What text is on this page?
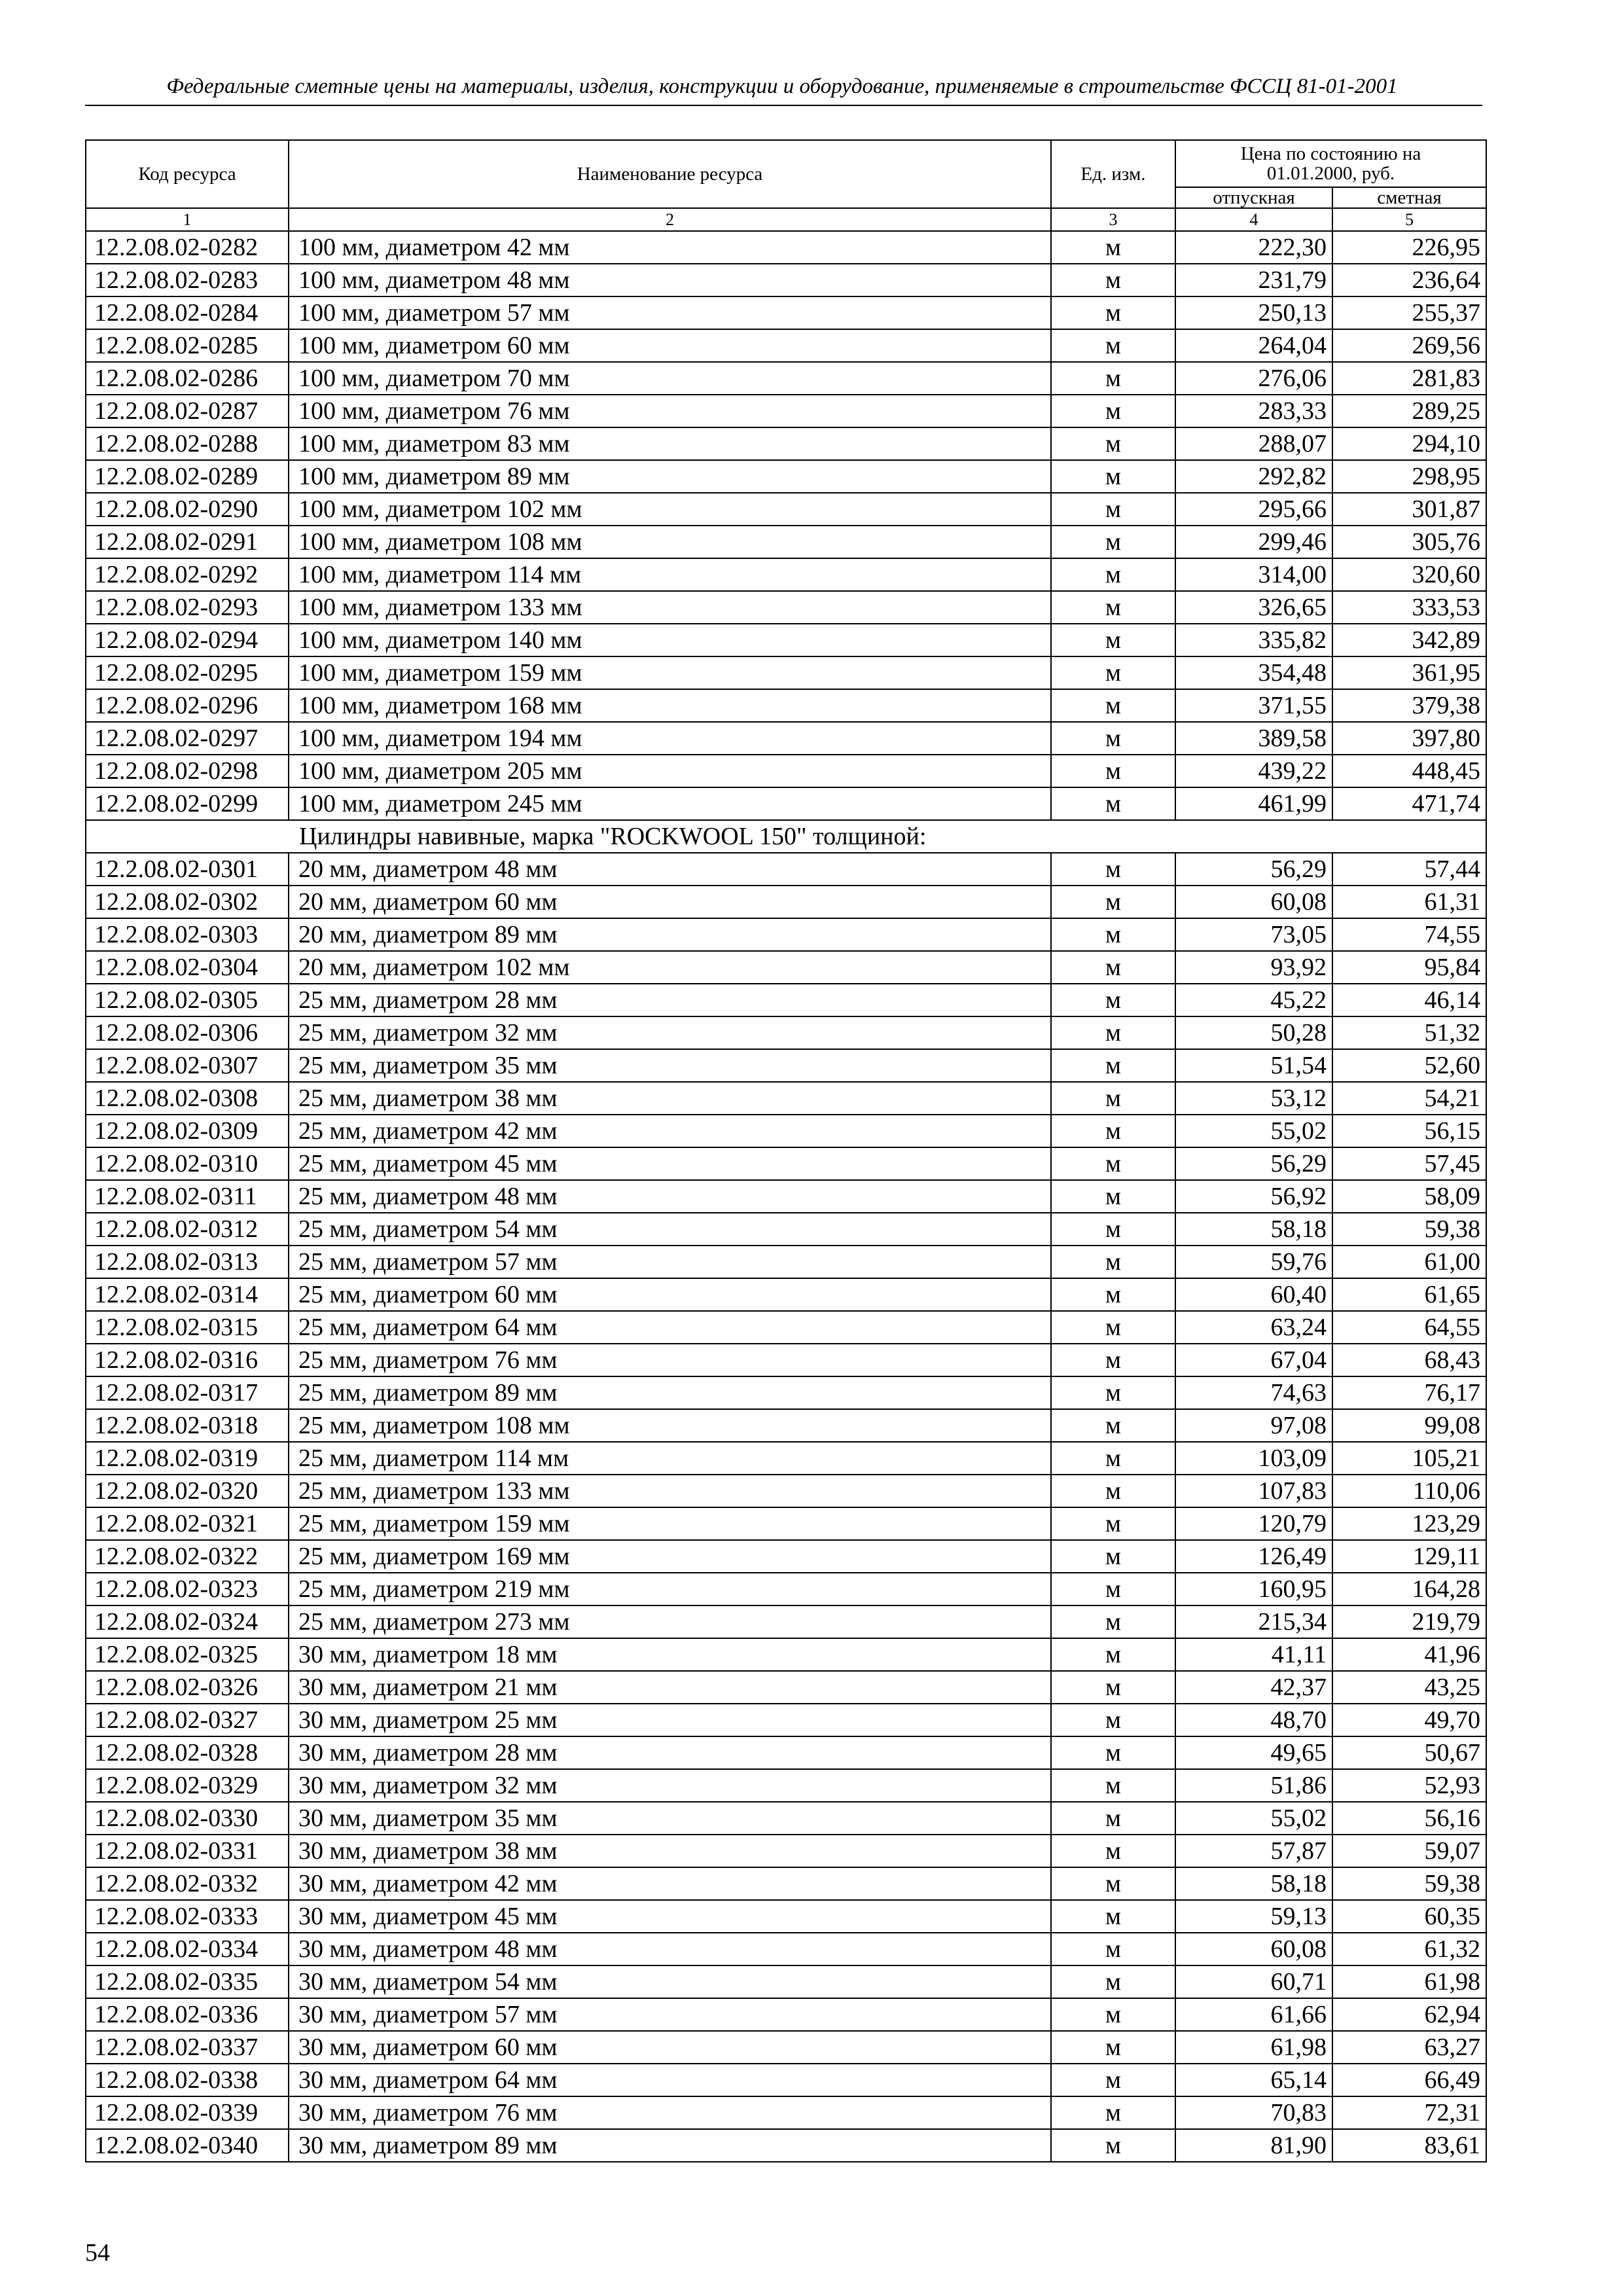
Федеральные сметные цены на материалы, изделия, конструкции и оборудование, применяемые в строительстве ФССЦ 81-01-2001
Код ресурса	Наименование ресурса	Ед. изм.	Цена по состоянию на 01.01.2000, руб.	
			отпускная	сметная
1	2	3	4	5
12.2.08.02-0282	100 мм, диаметром 42 мм	м	222,30	226,95
12.2.08.02-0283	100 мм, диаметром 48 мм	м	231,79	236,64
12.2.08.02-0284	100 мм, диаметром 57 мм	м	250,13	255,37
12.2.08.02-0285	100 мм, диаметром 60 мм	м	264,04	269,56
12.2.08.02-0286	100 мм, диаметром 70 мм	м	276,06	281,83
12.2.08.02-0287	100 мм, диаметром 76 мм	м	283,33	289,25
12.2.08.02-0288	100 мм, диаметром 83 мм	м	288,07	294,10
12.2.08.02-0289	100 мм, диаметром 89 мм	м	292,82	298,95
12.2.08.02-0290	100 мм, диаметром 102 мм	м	295,66	301,87
12.2.08.02-0291	100 мм, диаметром 108 мм	м	299,46	305,76
12.2.08.02-0292	100 мм, диаметром 114 мм	м	314,00	320,60
12.2.08.02-0293	100 мм, диаметром 133 мм	м	326,65	333,53
12.2.08.02-0294	100 мм, диаметром 140 мм	м	335,82	342,89
12.2.08.02-0295	100 мм, диаметром 159 мм	м	354,48	361,95
12.2.08.02-0296	100 мм, диаметром 168 мм	м	371,55	379,38
12.2.08.02-0297	100 мм, диаметром 194 мм	м	389,58	397,80
12.2.08.02-0298	100 мм, диаметром 205 мм	м	439,22	448,45
12.2.08.02-0299	100 мм, диаметром 245 мм	м	461,99	471,74
Цилиндры навивные, марка "ROCKWOOL 150" толщиной:				
12.2.08.02-0301	20 мм, диаметром 48 мм	м	56,29	57,44
12.2.08.02-0302	20 мм, диаметром 60 мм	м	60,08	61,31
12.2.08.02-0303	20 мм, диаметром 89 мм	м	73,05	74,55
12.2.08.02-0304	20 мм, диаметром 102 мм	м	93,92	95,84
12.2.08.02-0305	25 мм, диаметром 28 мм	м	45,22	46,14
12.2.08.02-0306	25 мм, диаметром 32 мм	м	50,28	51,32
12.2.08.02-0307	25 мм, диаметром 35 мм	м	51,54	52,60
12.2.08.02-0308	25 мм, диаметром 38 мм	м	53,12	54,21
12.2.08.02-0309	25 мм, диаметром 42 мм	м	55,02	56,15
12.2.08.02-0310	25 мм, диаметром 45 мм	м	56,29	57,45
12.2.08.02-0311	25 мм, диаметром 48 мм	м	56,92	58,09
12.2.08.02-0312	25 мм, диаметром 54 мм	м	58,18	59,38
12.2.08.02-0313	25 мм, диаметром 57 мм	м	59,76	61,00
12.2.08.02-0314	25 мм, диаметром 60 мм	м	60,40	61,65
12.2.08.02-0315	25 мм, диаметром 64 мм	м	63,24	64,55
12.2.08.02-0316	25 мм, диаметром 76 мм	м	67,04	68,43
12.2.08.02-0317	25 мм, диаметром 89 мм	м	74,63	76,17
12.2.08.02-0318	25 мм, диаметром 108 мм	м	97,08	99,08
12.2.08.02-0319	25 мм, диаметром 114 мм	м	103,09	105,21
12.2.08.02-0320	25 мм, диаметром 133 мм	м	107,83	110,06
12.2.08.02-0321	25 мм, диаметром 159 мм	м	120,79	123,29
12.2.08.02-0322	25 мм, диаметром 169 мм	м	126,49	129,11
12.2.08.02-0323	25 мм, диаметром 219 мм	м	160,95	164,28
12.2.08.02-0324	25 мм, диаметром 273 мм	м	215,34	219,79
12.2.08.02-0325	30 мм, диаметром 18 мм	м	41,11	41,96
12.2.08.02-0326	30 мм, диаметром 21 мм	м	42,37	43,25
12.2.08.02-0327	30 мм, диаметром 25 мм	м	48,70	49,70
12.2.08.02-0328	30 мм, диаметром 28 мм	м	49,65	50,67
12.2.08.02-0329	30 мм, диаметром 32 мм	м	51,86	52,93
12.2.08.02-0330	30 мм, диаметром 35 мм	м	55,02	56,16
12.2.08.02-0331	30 мм, диаметром 38 мм	м	57,87	59,07
12.2.08.02-0332	30 мм, диаметром 42 мм	м	58,18	59,38
12.2.08.02-0333	30 мм, диаметром 45 мм	м	59,13	60,35
12.2.08.02-0334	30 мм, диаметром 48 мм	м	60,08	61,32
12.2.08.02-0335	30 мм, диаметром 54 мм	м	60,71	61,98
12.2.08.02-0336	30 мм, диаметром 57 мм	м	61,66	62,94
12.2.08.02-0337	30 мм, диаметром 60 мм	м	61,98	63,27
12.2.08.02-0338	30 мм, диаметром 64 мм	м	65,14	66,49
12.2.08.02-0339	30 мм, диаметром 76 мм	м	70,83	72,31
12.2.08.02-0340	30 мм, диаметром 89 мм	м	81,90	83,61
54
